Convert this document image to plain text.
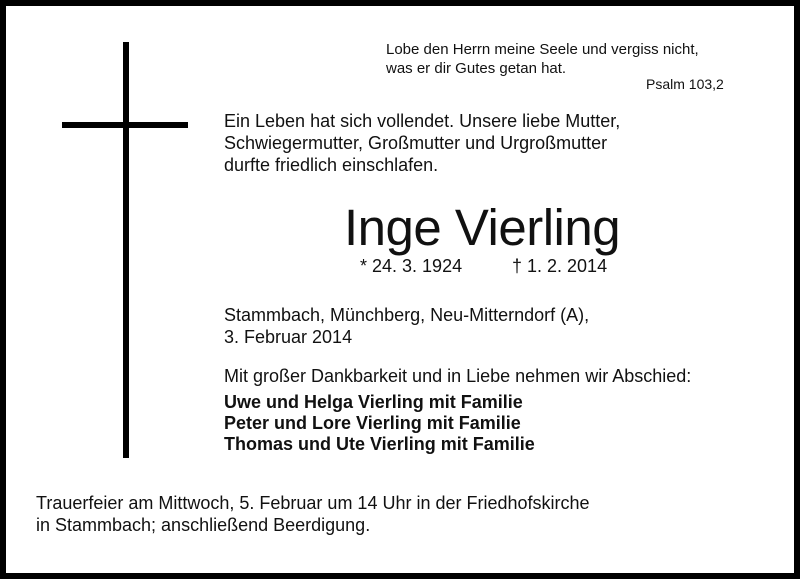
Lobe den Herrn meine Seele und vergiss nicht,
was er dir Gutes getan hat.
Psalm 103,2
Ein Leben hat sich vollendet. Unsere liebe Mutter,
Schwiegermutter, Großmutter und Urgroßmutter
durfte friedlich einschlafen.
Inge Vierling
* 24. 3. 1924	† 1. 2. 2014
Stammbach, Münchberg, Neu-Mitterndorf (A),
3. Februar 2014
Mit großer Dankbarkeit und in Liebe nehmen wir Abschied:
Uwe und Helga Vierling mit Familie
Peter und Lore Vierling mit Familie
Thomas und Ute Vierling mit Familie
Trauerfeier am Mittwoch, 5. Februar um 14 Uhr in der Friedhofskirche
in Stammbach; anschließend Beerdigung.
